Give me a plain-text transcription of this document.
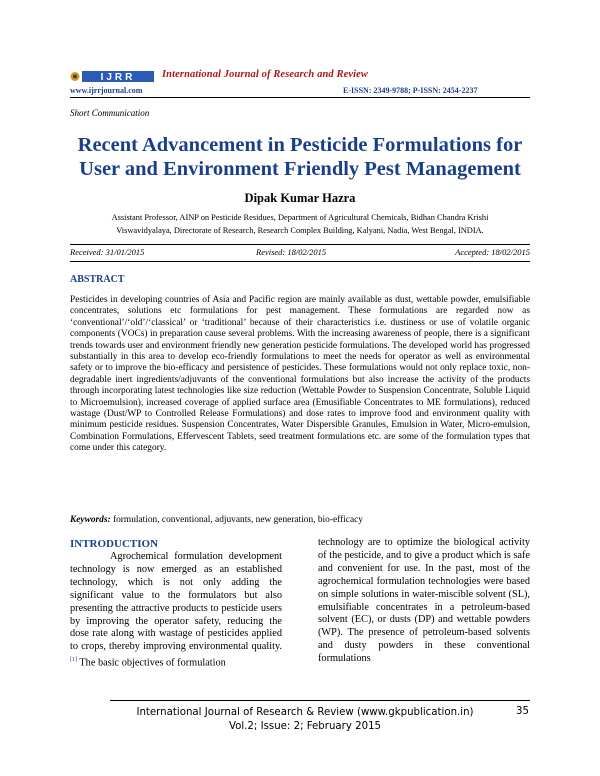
IJRR	International Journal of Research and Review
www.ijrrjournal.com	E-ISSN: 2349-9788; P-ISSN: 2454-2237
Short Communication
Recent Advancement in Pesticide Formulations for User and Environment Friendly Pest Management
Dipak Kumar Hazra
Assistant Professor, AINP on Pesticide Residues, Department of Agricultural Chemicals, Bidhan Chandra Krishi Viswavidyalaya, Directorate of Research, Research Complex Building, Kalyani, Nadia, West Bengal, INDIA.
Received: 31/01/2015	Revised: 18/02/2015	Accepted: 18/02/2015
ABSTRACT
Pesticides in developing countries of Asia and Pacific region are mainly available as dust, wettable powder, emulsifiable concentrates, solutions etc formulations for pest management. These formulations are regarded now as ‘conventional’/‘old’/‘classical’ or ‘traditional’ because of their characteristics i.e. dustiness or use of volatile organic components (VOCs) in preparation cause several problems. With the increasing awareness of people, there is a significant trends towards user and environment friendly new generation pesticide formulations. The developed world has progressed substantially in this area to develop eco-friendly formulations to meet the needs for operator as well as environmental safety or to improve the bio-efficacy and persistence of pesticides. These formulations would not only replace toxic, non-degradable inert ingredients/adjuvants of the conventional formulations but also increase the activity of the products through incorporating latest technologies like size reduction (Wettable Powder to Suspension Concentrate, Soluble Liquid to Microemulsion), increased coverage of applied surface area (Emusifiable Concentrates to ME formulations), reduced wastage (Dust/WP to Controlled Release Formulations) and dose rates to improve food and environment quality with minimum pesticide residues. Suspension Concentrates, Water Dispersible Granules, Emulsion in Water, Micro-emulsion, Combination Formulations, Effervescent Tablets, seed treatment formulations etc. are some of the formulation types that come under this category.
Keywords: formulation, conventional, adjuvants, new generation, bio-efficacy
INTRODUCTION
Agrochemical formulation development technology is now emerged as an established technology, which is not only adding the significant value to the formulators but also presenting the attractive products to pesticide users by improving the operator safety, reducing the dose rate along with wastage of pesticides applied to crops, thereby improving environmental quality. [1] The basic objectives of formulation
technology are to optimize the biological activity of the pesticide, and to give a product which is safe and convenient for use. In the past, most of the agrochemical formulation technologies were based on simple solutions in water-miscible solvent (SL), emulsifiable concentrates in a petroleum-based solvent (EC), or dusts (DP) and wettable powders (WP). The presence of petroleum-based solvents and dusty powders in these conventional formulations
International Journal of Research & Review (www.gkpublication.in)
Vol.2; Issue: 2; February 2015
35
